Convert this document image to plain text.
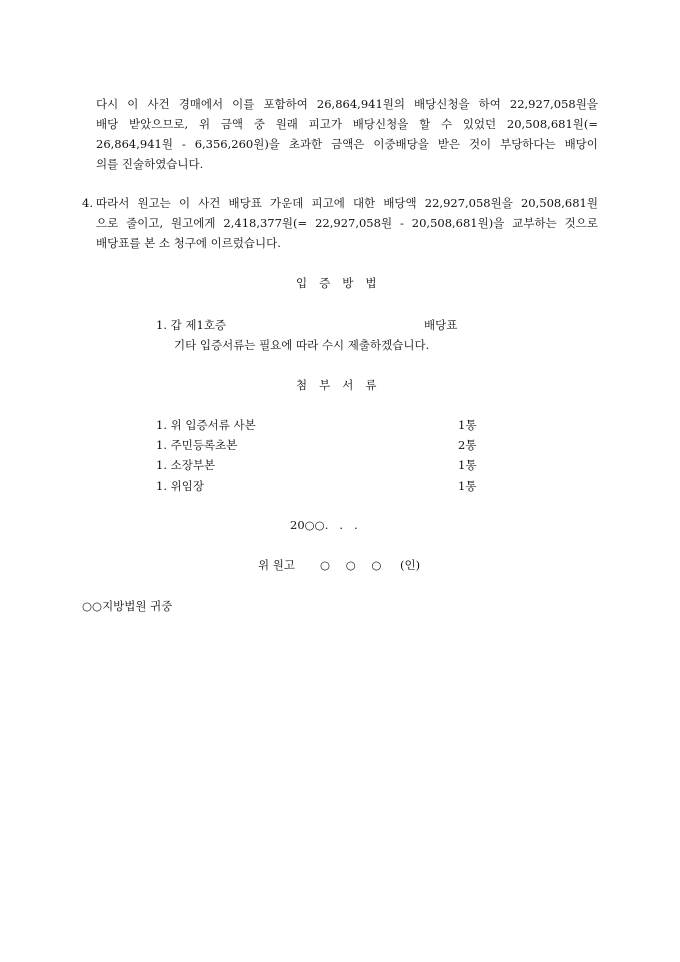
다시 이 사건 경매에서 이를 포함하여 26,864,941원의 배당신청을 하여 22,927,058원을
배당 받았으므로, 위 금액 중 원래 피고가 배당신청을 할 수 있었던 20,508,681원(=
26,864,941원 - 6,356,260원)을 초과한 금액은 이중배당을 받은 것이 부당하다는 배당이
의를 진술하였습니다.
4. 따라서 원고는 이 사건 배당표 가운데 피고에 대한 배당액 22,927,058원을 20,508,681원
으로 줄이고, 원고에게 2,418,377원(= 22,927,058원 - 20,508,681원)을 교부하는 것으로
배당표를 본 소 청구에 이르렀습니다.
입증방법
1. 갑 제1호증	배당표
기타 입증서류는 필요에 따라 수시 제출하겠습니다.
첨부서류
1. 위 입증서류 사본	1통
1. 주민등록초본	2통
1. 소장부본	1통
1. 위임장	1통
20○○.   .   .
위 원고 ○ ○ ○ (인)
○○지방법원 귀중
